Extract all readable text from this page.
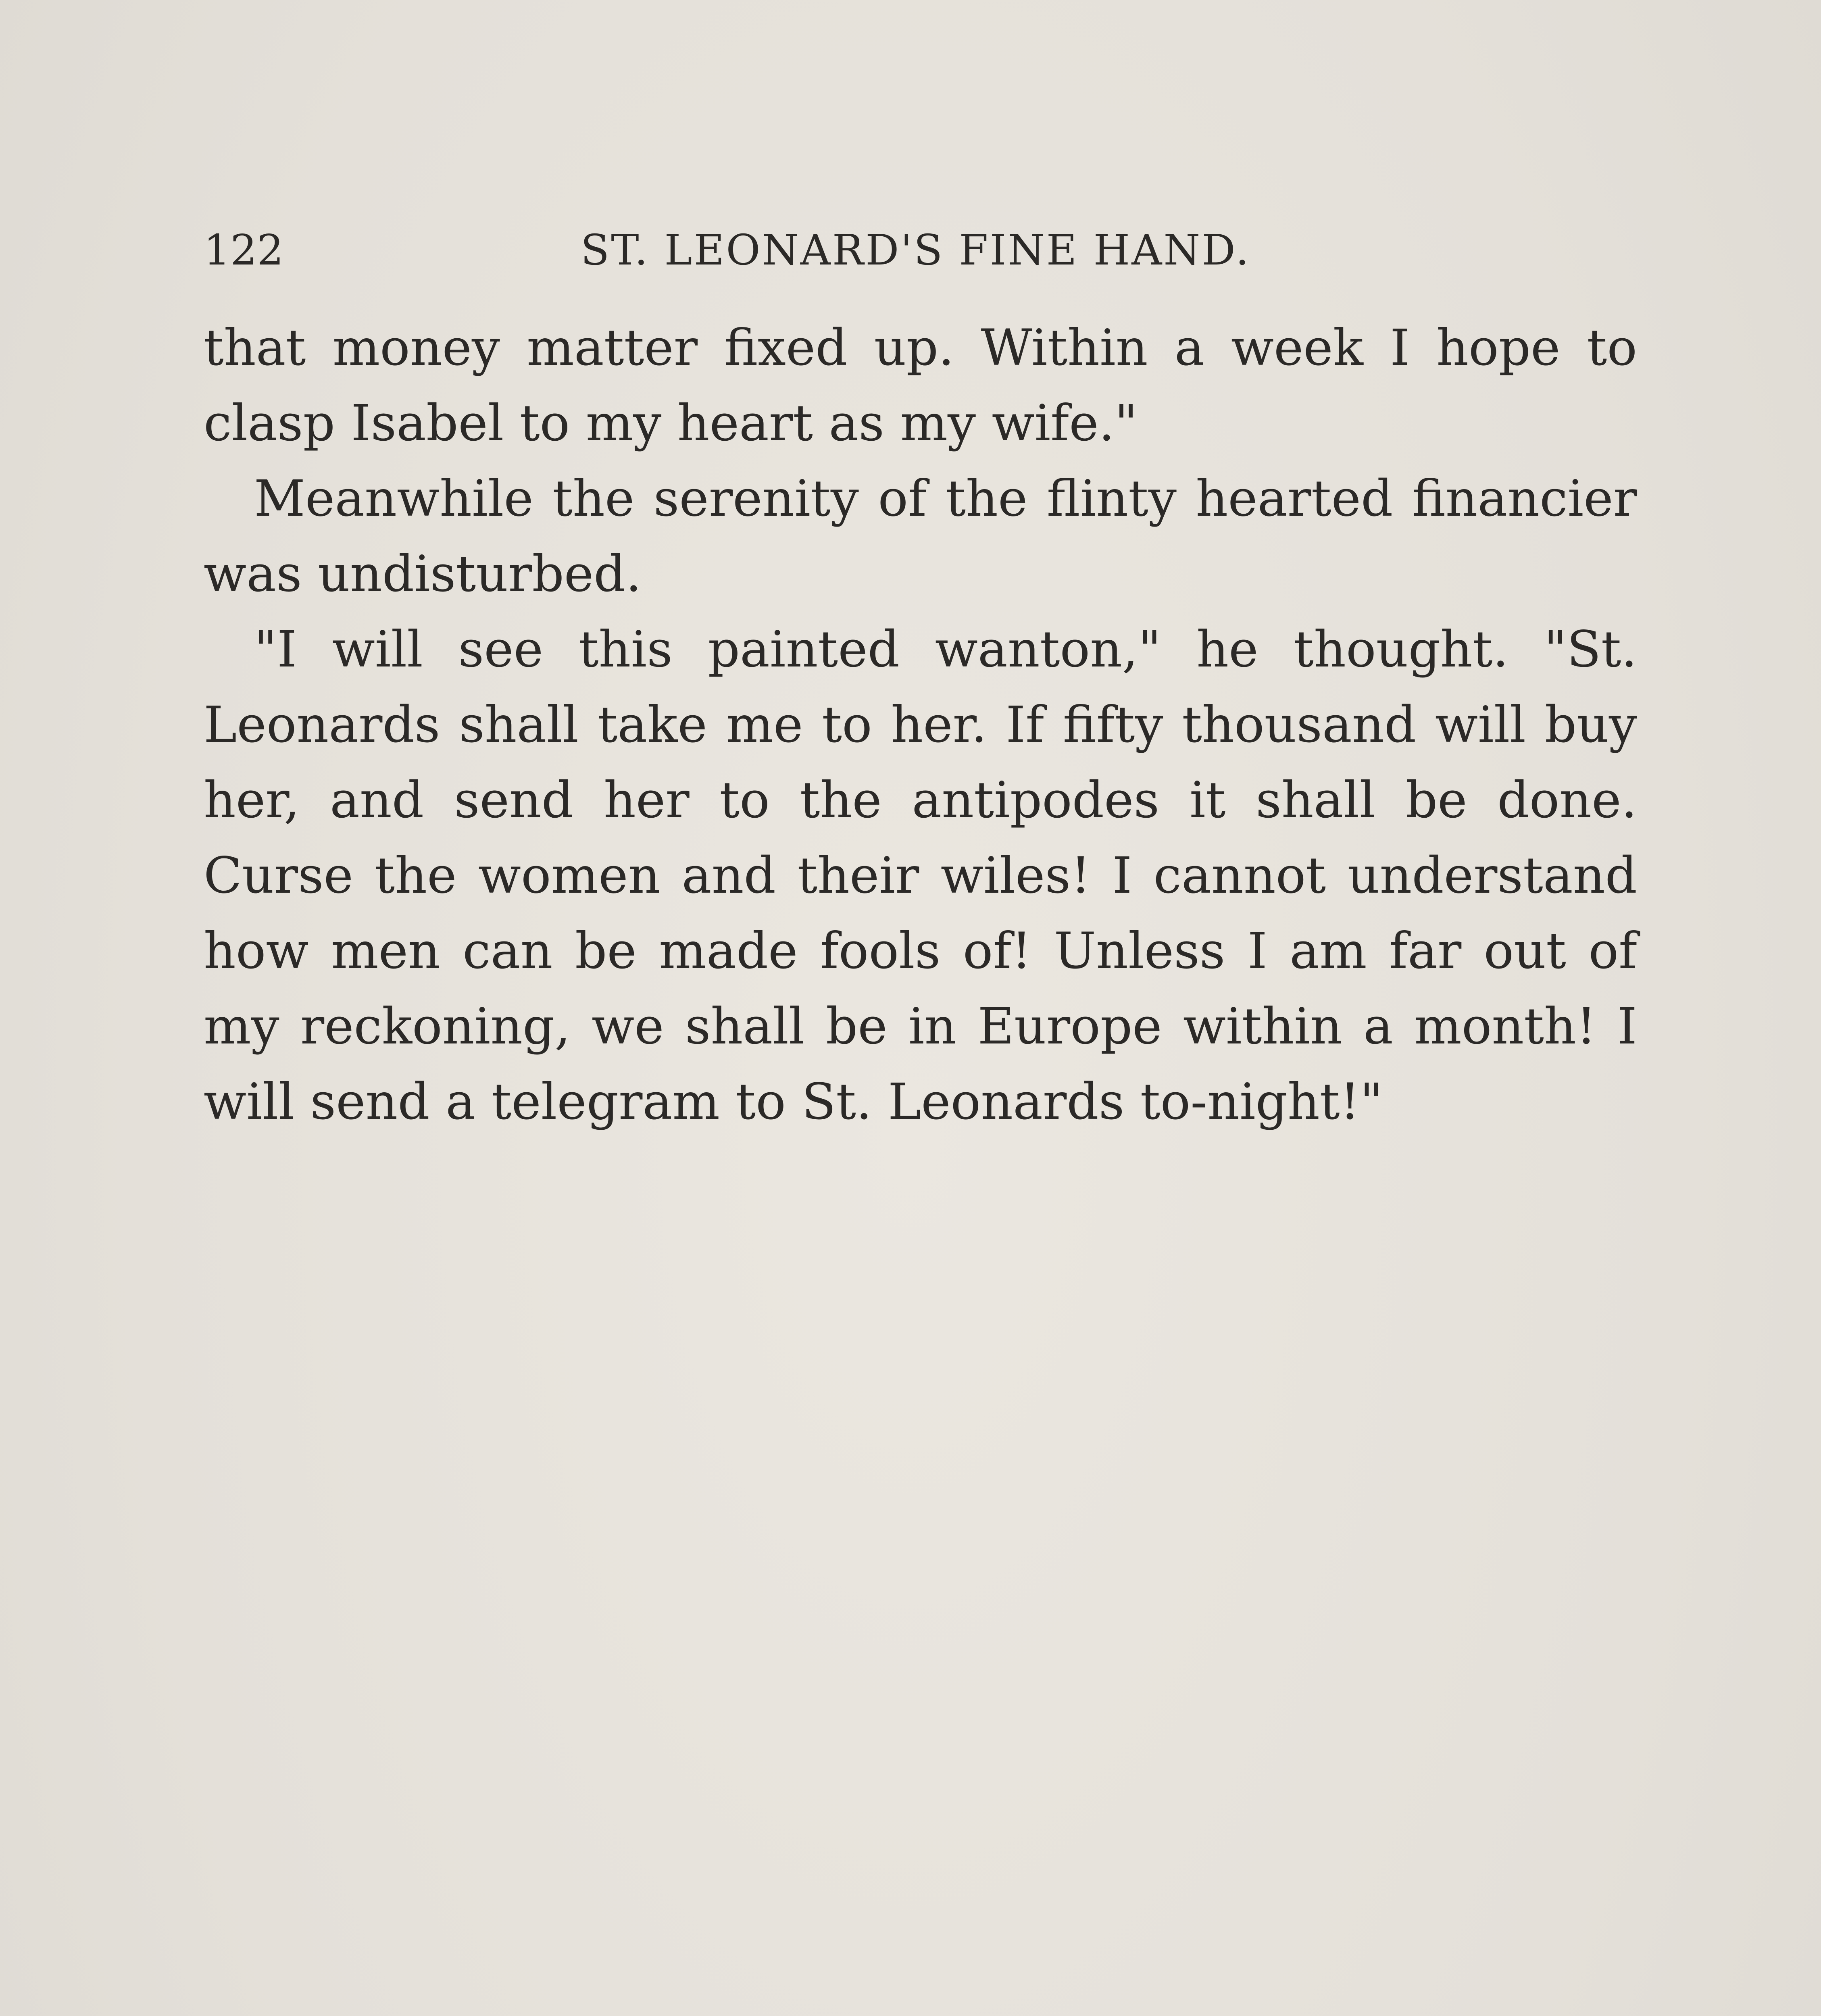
122	ST. LEONARD'S FINE HAND.

that money matter fixed up. Within a week I hope to clasp Isabel to my heart as my wife."

Meanwhile the serenity of the flinty hearted financier was undisturbed.

"I will see this painted wanton," he thought. "St. Leonards shall take me to her. If fifty thousand will buy her, and send her to the antipodes it shall be done. Curse the women and their wiles! I cannot understand how men can be made fools of! Unless I am far out of my reckoning, we shall be in Europe within a month! I will send a telegram to St. Leonards to-night!"
